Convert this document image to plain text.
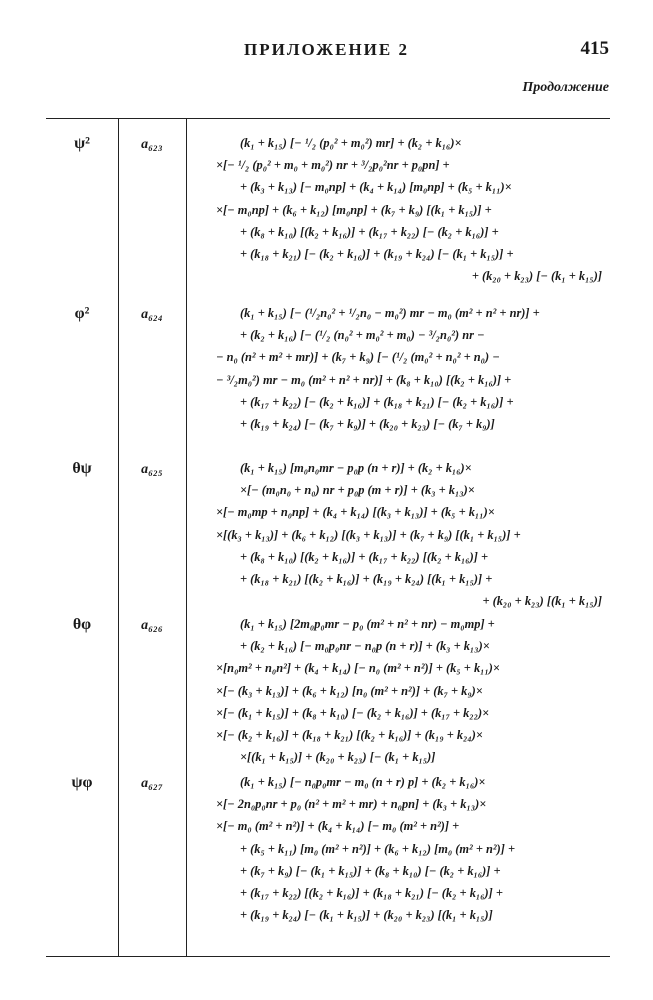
ПРИЛОЖЕНИЕ 2	415
Продолжение
ψ²	a₆₂₃	(k₁ + k₁₅) [− ¹/₂ (p₀² + m₀²) mr] + (k₂ + k₁₆)×
×[− ¹/₂ (p₀² + m₀ + m₀²) nr + ³/₂p₀²nr + p₀pn] +
+ (k₃ + k₁₃) [− m₀np] + (k₄ + k₁₄) [m₀np] + (k₅ + k₁₁)×
×[− m₀np] + (k₆ + k₁₂) [m₀np] + (k₇ + k₉) [(k₁ + k₁₅)] +
+ (k₈ + k₁₀) [(k₂ + k₁₆)] + (k₁₇ + k₂₂) [− (k₂ + k₁₆)] +
+ (k₁₈ + k₂₁) [− (k₂ + k₁₆)] + (k₁₉ + k₂₄) [− (k₁ + k₁₅)] +
+ (k₂₀ + k₂₃) [− (k₁ + k₁₅)]
φ²	a₆₂₄	(k₁ + k₁₅) [− (¹/₂n₀² + ¹/₂n₀ − m₀²) mr − m₀ (m² + n² + nr)] +
+ (k₂ + k₁₆) [− (¹/₂ (n₀² + m₀² + m₀) − ³/₂n₀²) nr −
− n₀ (n² + m² + mr)] + (k₇ + k₉) [− (¹/₂ (m₀² + n₀² + n₀) −
− ³/₂m₀²) mr − m₀ (m² + n² + nr)] + (k₈ + k₁₀) [(k₂ + k₁₆)] +
+ (k₁₇ + k₂₂) [− (k₂ + k₁₆)] + (k₁₈ + k₂₁) [− (k₂ + k₁₆)] +
+ (k₁₉ + k₂₄) [− (k₇ + k₉)] + (k₂₀ + k₂₃) [− (k₇ + k₉)]
θψ	a₆₂₅	(k₁ + k₁₅) [m₀n₀mr − p₀p (n + r)] + (k₂ + k₁₆)×
×[− (m₀n₀ + n₀) nr + p₀p (m + r)] + (k₃ + k₁₃)×
×[− m₀mp + n₀np] + (k₄ + k₁₄) [(k₃ + k₁₃)] + (k₅ + k₁₁)×
×[(k₃ + k₁₃)] + (k₆ + k₁₂) [(k₃ + k₁₃)] + (k₇ + k₉) [(k₁ + k₁₅)] +
+ (k₈ + k₁₀) [(k₂ + k₁₆)] + (k₁₇ + k₂₂) [(k₂ + k₁₆)] +
+ (k₁₈ + k₂₁) [(k₂ + k₁₆)] + (k₁₉ + k₂₄) [(k₁ + k₁₅)] +
+ (k₂₀ + k₂₃) [(k₁ + k₁₅)]
θφ	a₆₂₆	(k₁ + k₁₅) [2m₀p₀mr − p₀ (m² + n² + nr) − m₀mp] +
+ (k₂ + k₁₆) [− m₀p₀nr − n₀p (n + r)] + (k₃ + k₁₃)×
×[n₀m² + n₀n²] + (k₄ + k₁₄) [− n₀ (m² + n²)] + (k₅ + k₁₁)×
×[− (k₃ + k₁₃)] + (k₆ + k₁₂) [n₀ (m² + n²)] + (k₇ + k₉)×
×[− (k₁ + k₁₅)] + (k₈ + k₁₀) [− (k₂ + k₁₆)] + (k₁₇ + k₂₂)×
×[− (k₂ + k₁₆)] + (k₁₈ + k₂₁) [(k₂ + k₁₆)] + (k₁₉ + k₂₄)×
×[(k₁ + k₁₅)] + (k₂₀ + k₂₃) [− (k₁ + k₁₅)]
ψφ	a₆₂₇	(k₁ + k₁₅) [− n₀p₀mr − m₀ (n + r) p] + (k₂ + k₁₆)×
×[− 2n₀p₀nr + p₀ (n² + m² + mr) + n₀pn] + (k₃ + k₁₃)×
×[− m₀ (m² + n²)] + (k₄ + k₁₄) [− m₀ (m² + n²)] +
+ (k₅ + k₁₁) [m₀ (m² + n²)] + (k₆ + k₁₂) [m₀ (m² + n²)] +
+ (k₇ + k₉) [− (k₁ + k₁₅)] + (k₈ + k₁₀) [− (k₂ + k₁₆)] +
+ (k₁₇ + k₂₂) [(k₂ + k₁₆)] + (k₁₈ + k₂₁) [− (k₂ + k₁₆)] +
+ (k₁₉ + k₂₄) [− (k₁ + k₁₅)] + (k₂₀ + k₂₃) [(k₁ + k₁₅)]
